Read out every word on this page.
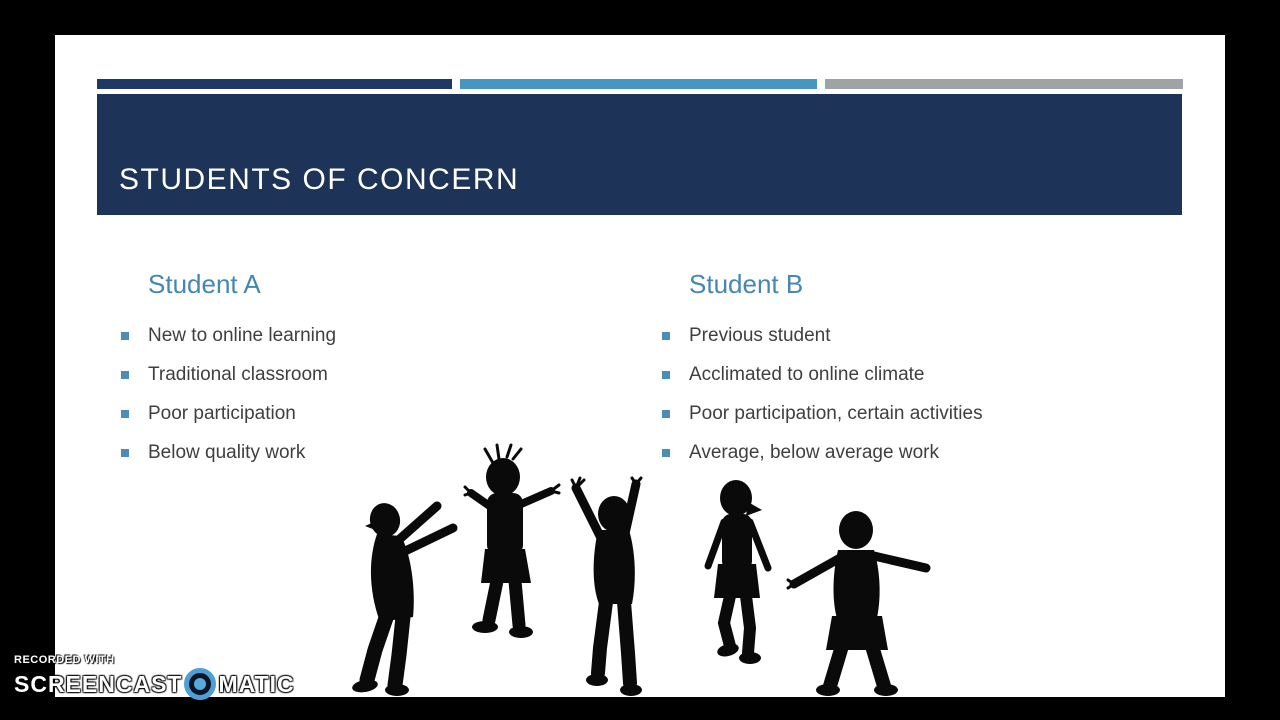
STUDENTS OF CONCERN
Student A	Student B
New to online learning
Traditional classroom
Poor participation
Below quality work
Previous student
Acclimated to online climate
Poor participation, certain activities
Average, below average work
RECORDED WITH
SCREENCAST MATIC
